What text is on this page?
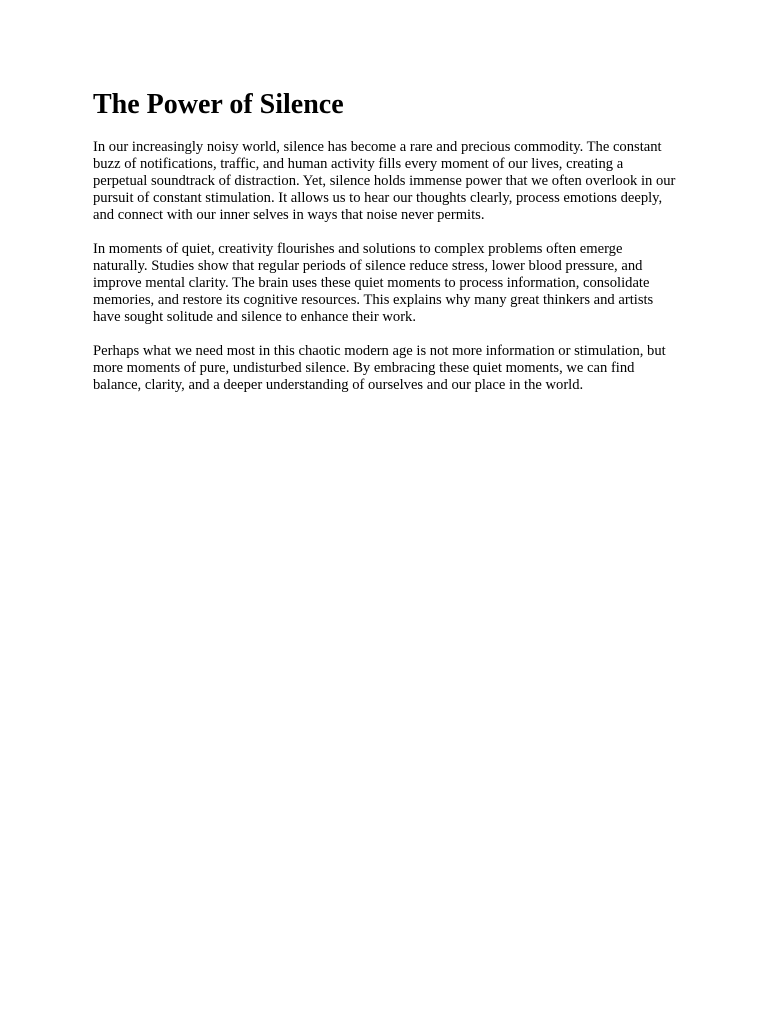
The Power of Silence

In our increasingly noisy world, silence has become a rare and precious commodity. The constant buzz of notifications, traffic, and human activity fills every moment of our lives, creating a perpetual soundtrack of distraction. Yet, silence holds immense power that we often overlook in our pursuit of constant stimulation. It allows us to hear our thoughts clearly, process emotions deeply, and connect with our inner selves in ways that noise never permits.

In moments of quiet, creativity flourishes and solutions to complex problems often emerge naturally. Studies show that regular periods of silence reduce stress, lower blood pressure, and improve mental clarity. The brain uses these quiet moments to process information, consolidate memories, and restore its cognitive resources. This explains why many great thinkers and artists have sought solitude and silence to enhance their work.

Perhaps what we need most in this chaotic modern age is not more information or stimulation, but more moments of pure, undisturbed silence. By embracing these quiet moments, we can find balance, clarity, and a deeper understanding of ourselves and our place in the world.
